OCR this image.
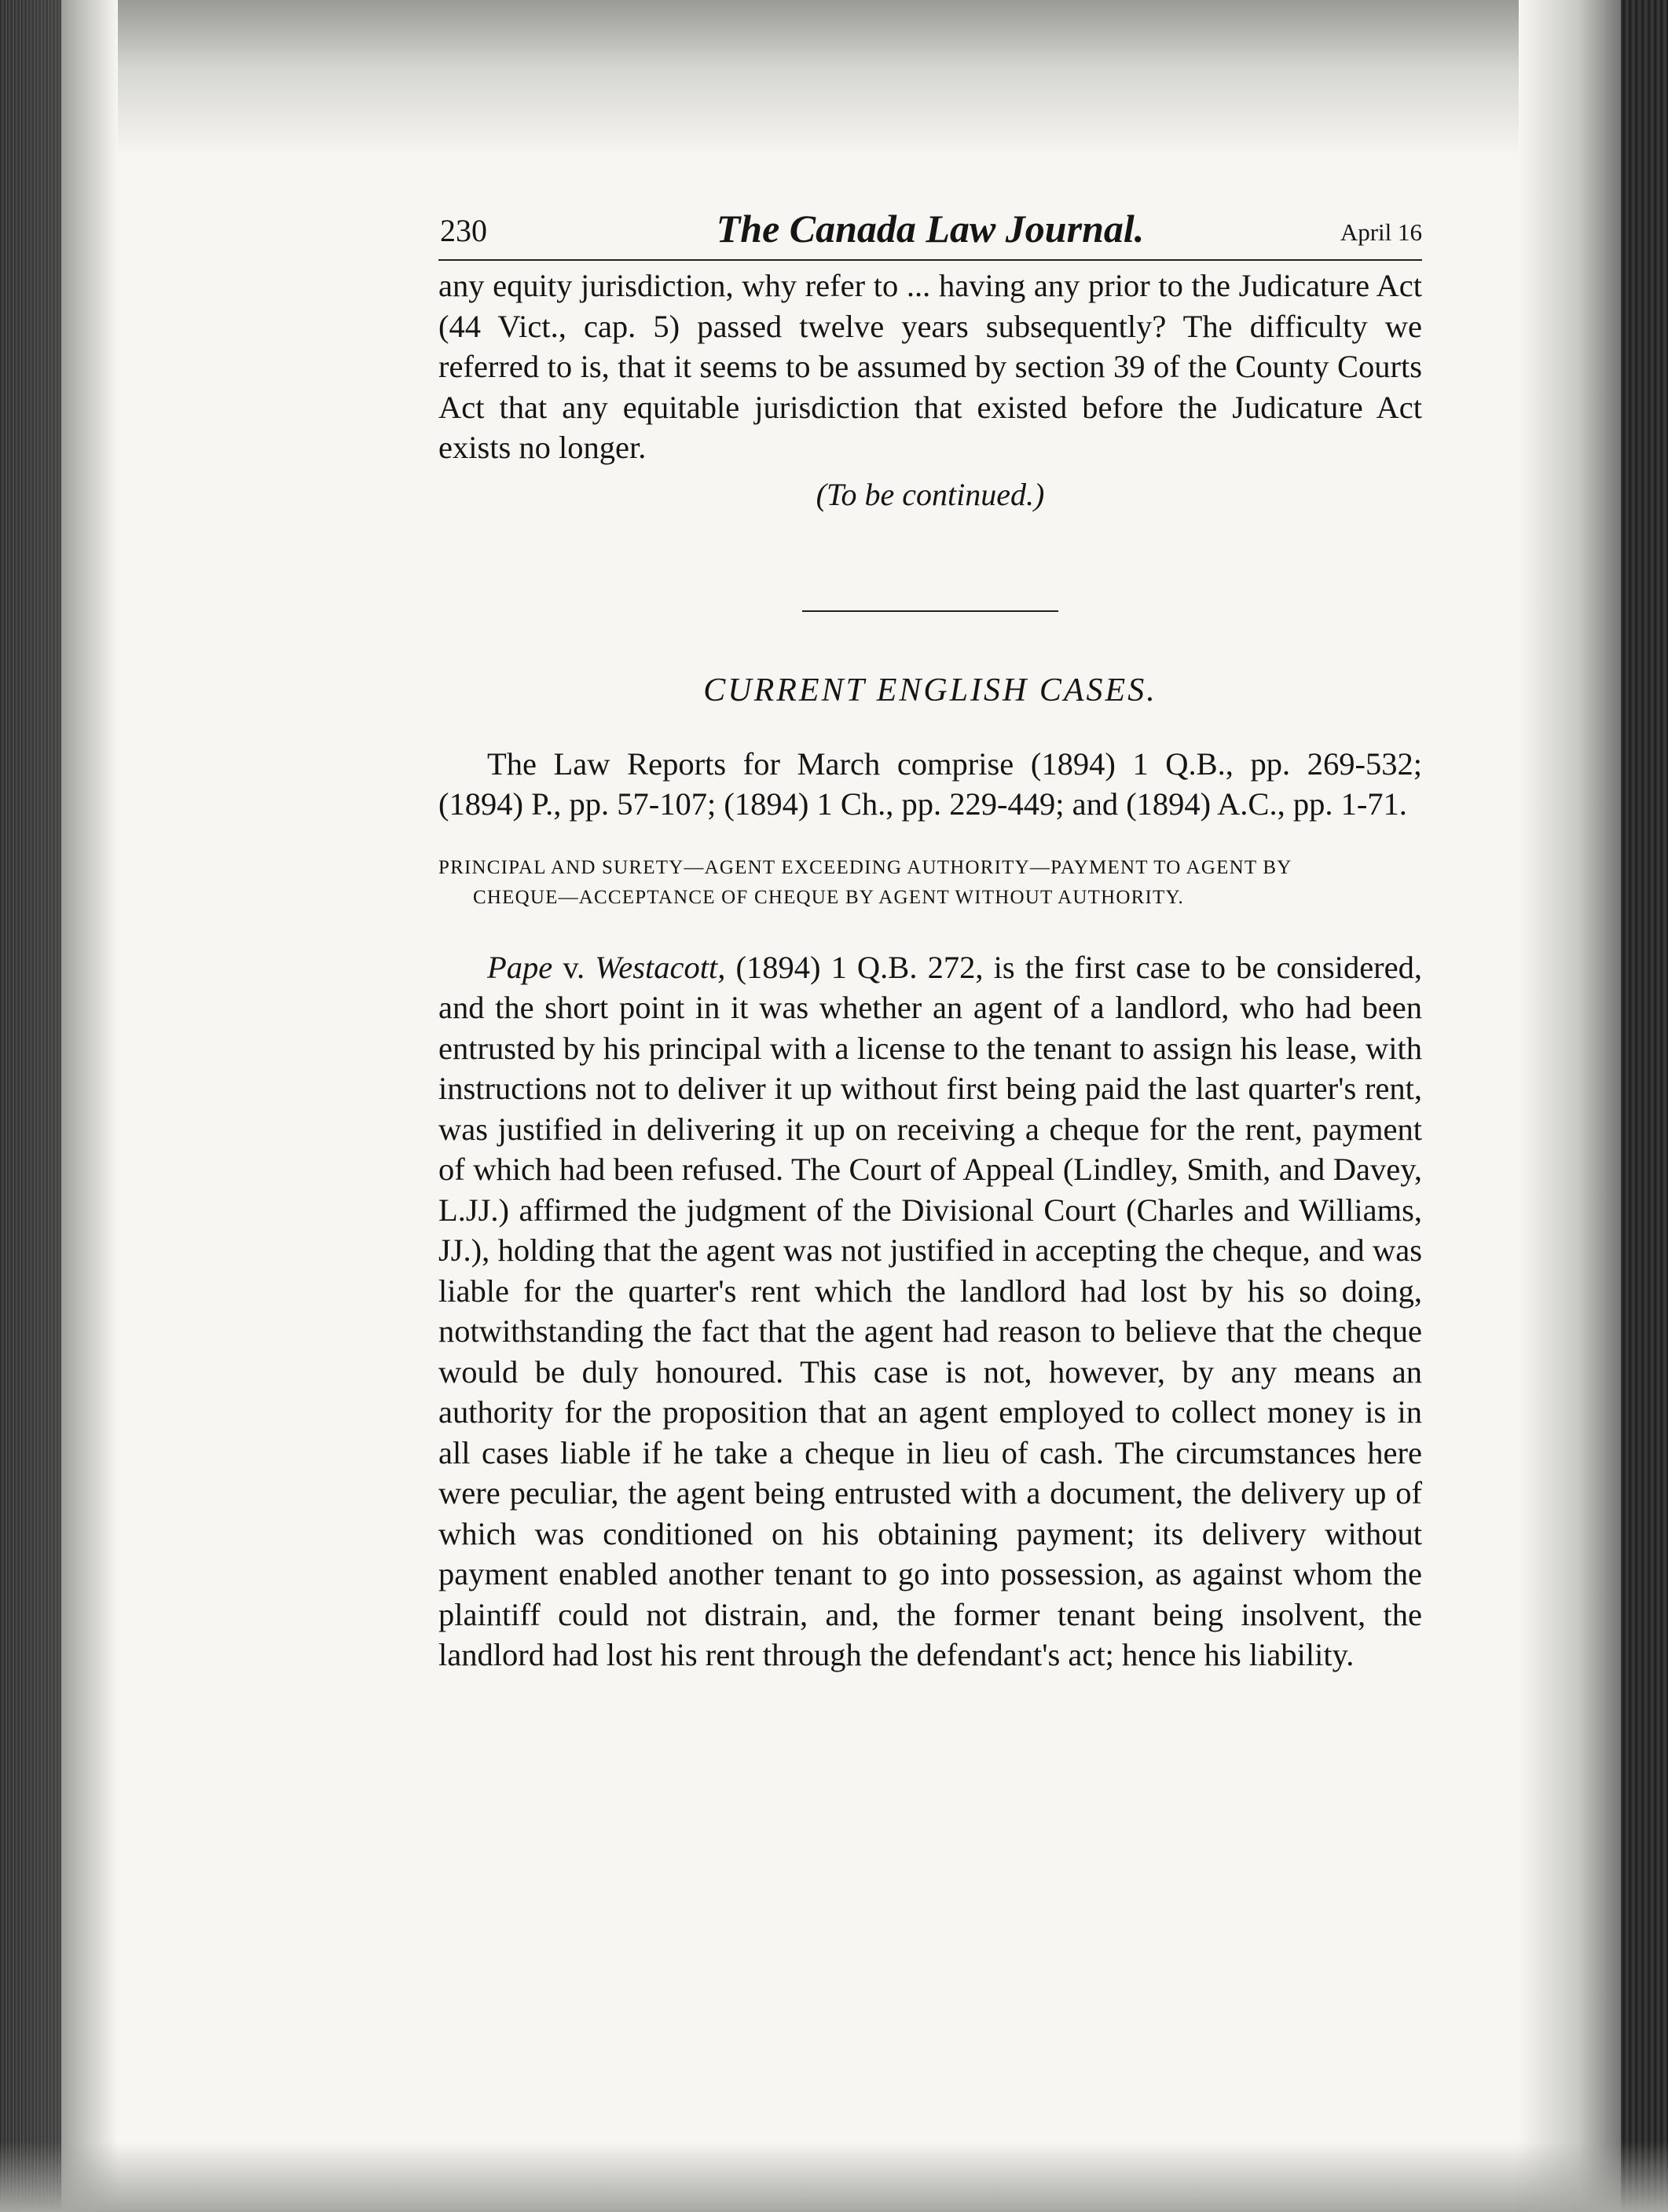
230	The Canada Law Journal.	April 16

any equity jurisdiction, why refer to ... having any prior to the Judicature Act (44 Vict., cap. 5) passed twelve years subsequently? The difficulty we referred to is, that it seems to be assumed by section 39 of the County Courts Act that any equitable jurisdiction that existed before the Judicature Act exists no longer.

(To be continued.)
CURRENT ENGLISH CASES.

The Law Reports for March comprise (1894) 1 Q.B., pp. 269-532; (1894) P., pp. 57-107; (1894) 1 Ch., pp. 229-449; and (1894) A.C., pp. 1-71.

PRINCIPAL AND SURETY—AGENT EXCEEDING AUTHORITY—PAYMENT TO AGENT BY
CHEQUE—ACCEPTANCE OF CHEQUE BY AGENT WITHOUT AUTHORITY.

Pape v. Westacott, (1894) 1 Q.B. 272, is the first case to be considered, and the short point in it was whether an agent of a landlord, who had been entrusted by his principal with a license to the tenant to assign his lease, with instructions not to deliver it up without first being paid the last quarter's rent, was justified in delivering it up on receiving a cheque for the rent, payment of which had been refused. The Court of Appeal (Lindley, Smith, and Davey, L.JJ.) affirmed the judgment of the Divisional Court (Charles and Williams, JJ.), holding that the agent was not justified in accepting the cheque, and was liable for the quarter's rent which the landlord had lost by his so doing, notwithstanding the fact that the agent had reason to believe that the cheque would be duly honoured. This case is not, however, by any means an authority for the proposition that an agent employed to collect money is in all cases liable if he take a cheque in lieu of cash. The circumstances here were peculiar, the agent being entrusted with a document, the delivery up of which was conditioned on his obtaining payment; its delivery without payment enabled another tenant to go into possession, as against whom the plaintiff could not distrain, and, the former tenant being insolvent, the landlord had lost his rent through the defendant's act; hence his liability.
